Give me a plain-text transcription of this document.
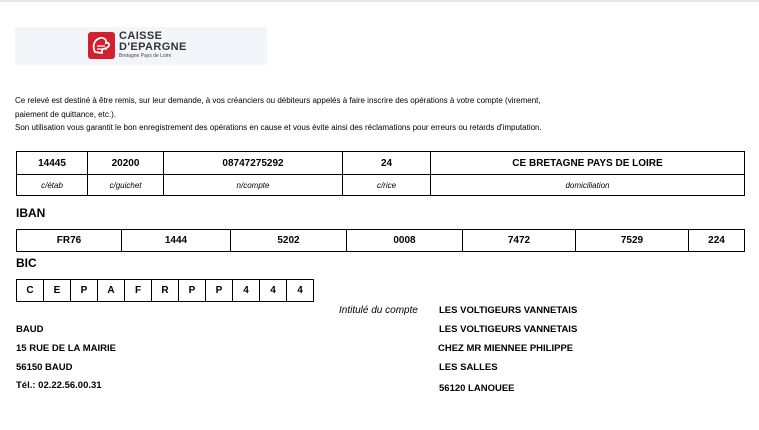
CAISSE
D'EPARGNE
Bretagne Pays de Loire
Ce relevé est destiné à être remis, sur leur demande, à vos créanciers ou débiteurs appelés à faire inscrire des opérations à votre compte (virement,
paiement de quittance, etc.).
Son utilisation vous garantit le bon enregistrement des opérations en cause et vous évite ainsi des réclamations pour erreurs ou retards d'imputation.
14445	20200	08747275292	24	CE BRETAGNE PAYS DE LOIRE
c/étab	c/guichet	n/compte	c/rice	domiciliation
IBAN
FR76	1444	5202	0008	7472	7529	224
BIC
C	E	P	A	F	R	P	P	4	4	4
BAUD
15 RUE DE LA MAIRIE
56150 BAUD
Tél.: 02.22.56.00.31
Intitulé du compte LES VOLTIGEURS VANNETAIS
LES VOLTIGEURS VANNETAIS
CHEZ MR MIENNEE PHILIPPE
LES SALLES
56120 LANOUEE
